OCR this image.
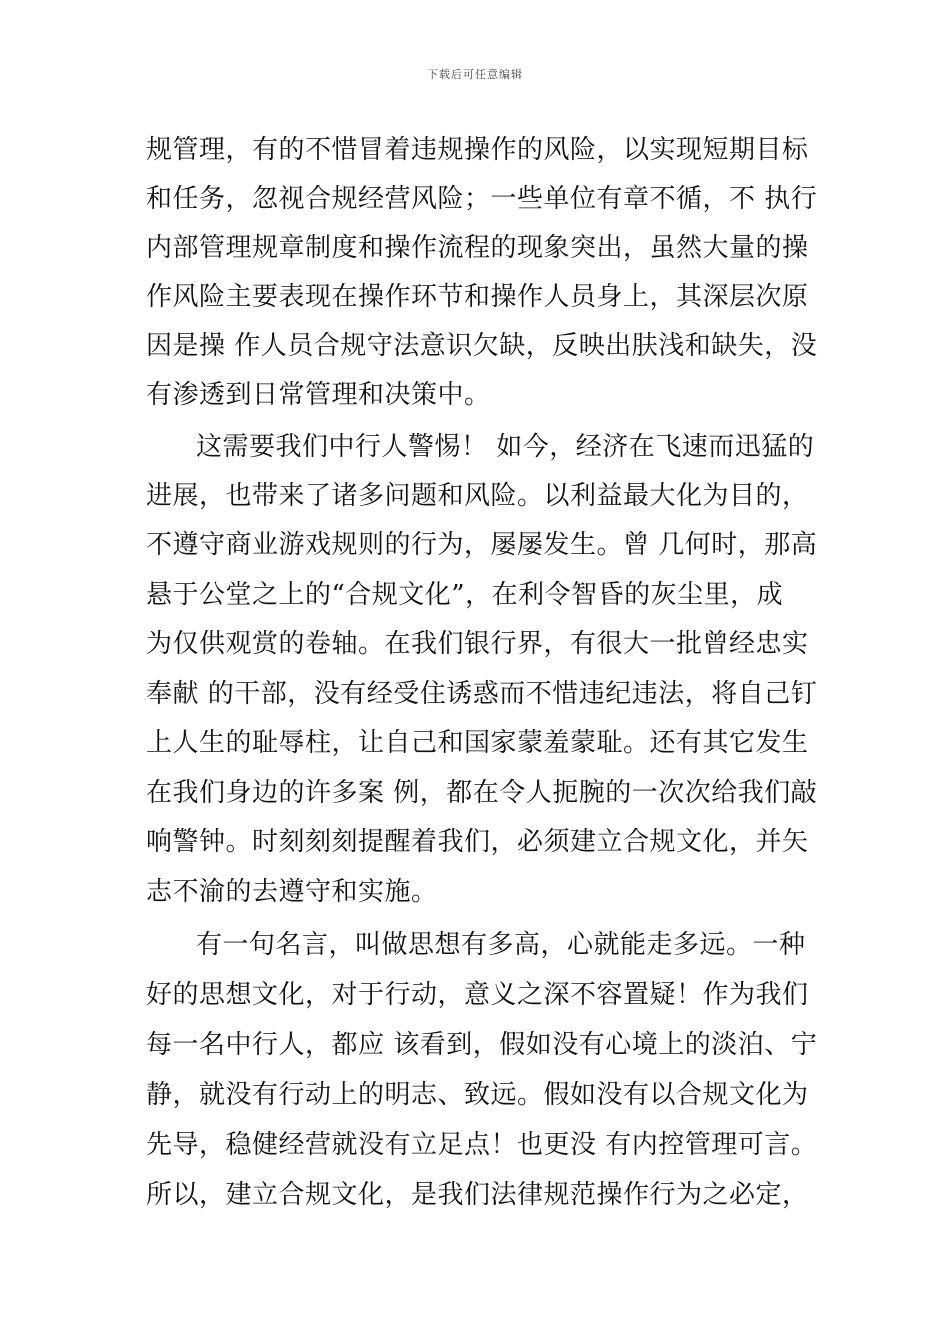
下载后可任意编辑
规管理，有的不惜冒着违规操作的风险，以实现短期目标
和任务，忽视合规经营风险；一些单位有章不循，不 执行
内部管理规章制度和操作流程的现象突出，虽然大量的操
作风险主要表现在操作环节和操作人员身上，其深层次原
因是操 作人员合规守法意识欠缺，反映出肤浅和缺失，没
有渗透到日常管理和决策中。
这需要我们中行人警惕！ 如今，经济在飞速而迅猛的
进展，也带来了诸多问题和风险。以利益最大化为目的，
不遵守商业游戏规则的行为，屡屡发生。曾 几何时，那高
悬于公堂之上的“合规文化”，在利令智昏的灰尘里，成
为仅供观赏的卷轴。在我们银行界，有很大一批曾经忠实
奉献 的干部，没有经受住诱惑而不惜违纪违法，将自己钉
上人生的耻辱柱，让自己和国家蒙羞蒙耻。还有其它发生
在我们身边的许多案 例，都在令人扼腕的一次次给我们敲
响警钟。时刻刻刻提醒着我们，必须建立合规文化，并矢
志不渝的去遵守和实施。
有一句名言，叫做思想有多高，心就能走多远。一种
好的思想文化，对于行动，意义之深不容置疑！作为我们
每一名中行人，都应 该看到，假如没有心境上的淡泊、宁
静，就没有行动上的明志、致远。假如没有以合规文化为
先导，稳健经营就没有立足点！也更没 有内控管理可言。
所以，建立合规文化，是我们法律规范操作行为之必定，
